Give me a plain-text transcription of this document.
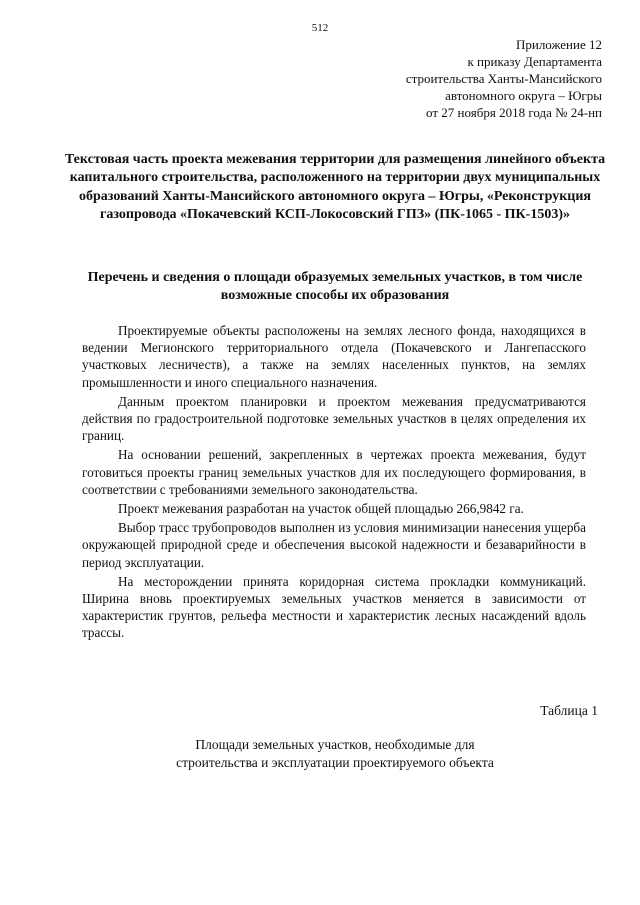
512
Приложение 12
к приказу Департамента
строительства Ханты-Мансийского
автономного округа – Югры
от 27 ноября 2018 года № 24-нп
Текстовая часть проекта межевания территории для размещения линейного объекта капитального строительства, расположенного на территории двух муниципальных образований Ханты-Мансийского автономного округа – Югры, «Реконструкция газопровода «Покачевский КСП-Локосовский ГПЗ» (ПК-1065 - ПК-1503)»
Перечень и сведения о площади образуемых земельных участков, в том числе возможные способы их образования

Проектируемые объекты расположены на землях лесного фонда, находящихся в ведении Мегионского территориального отдела (Покачевского и Лангепасского участковых лесничеств), а также на землях населенных пунктов, на землях промышленности и иного специального назначения.

Данным проектом планировки и проектом межевания предусматриваются действия по градостроительной подготовке земельных участков в целях определения их границ.

На основании решений, закрепленных в чертежах проекта межевания, будут готовиться проекты границ земельных участков для их последующего формирования, в соответствии с требованиями земельного законодательства.

Проект межевания разработан на участок общей площадью 266,9842 га.

Выбор трасс трубопроводов выполнен из условия минимизации нанесения ущерба окружающей природной среде и обеспечения высокой надежности и безаварийности в период эксплуатации.

На месторождении принята коридорная система прокладки коммуникаций. Ширина вновь проектируемых земельных участков меняется в зависимости от характеристик грунтов, рельефа местности и характеристик лесных насаждений вдоль трассы.

Таблица 1
Площади земельных участков, необходимые для
строительства и эксплуатации проектируемого объекта
